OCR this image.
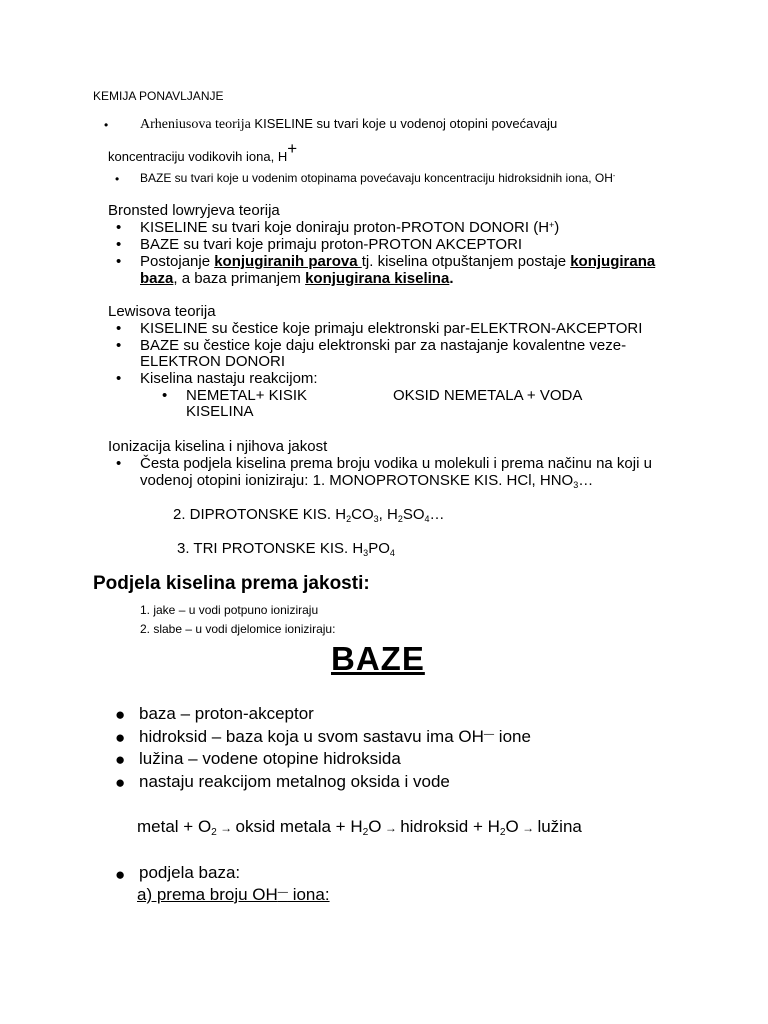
KEMIJA PONAVLJANJE
• Arheniusova teorija KISELINE su tvari koje u vodenoj otopini povećavaju
koncentraciju vodikovih iona, H+
• BAZE su tvari koje u vodenim otopinama povećavaju koncentraciju hidroksidnih iona, OH-
Bronsted lowryjeva teorija
• KISELINE su tvari koje doniraju proton-PROTON DONORI (H+)
• BAZE su tvari koje primaju proton-PROTON AKCEPTORI
• Postojanje konjugiranih parova tj. kiselina otpuštanjem postaje konjugirana
baza, a baza primanjem konjugirana kiselina.
Lewisova teorija
• KISELINE su čestice koje primaju elektronski par-ELEKTRON-AKCEPTORI
• BAZE su čestice koje daju elektronski par za nastajanje kovalentne veze-
ELEKTRON DONORI
• Kiselina nastaju reakcijom:
• NEMETAL+ KISIK	OKSID NEMETALA + VODA
KISELINA
Ionizacija kiselina i njihova jakost
• Česta podjela kiselina prema broju vodika u molekuli i prema načinu na koji u
vodenoj otopini ioniziraju: 1. MONOPROTONSKE KIS. HCl, $HNO_3\dots$
2. DIPROTONSKE KIS. $H_2CO_3$, $H_2SO_4\dots$
3. TRI PROTONSKE KIS. $H_3PO_4$
Podjela kiselina prema jakosti:
1. jake – u vodi potpuno ioniziraju
2. slabe – u vodi djelomice ioniziraju:
BAZE
● baza – proton-akceptor
● hidroksid – baza koja u svom sastavu ima OH— ione
● lužina – vodene otopine hidroksida
● nastaju reakcijom metalnog oksida i vode
metal + $O_2$ → oksid metala + $H_2O$ → hidroksid + $H_2O$ → lužina
● podjela baza:
a) prema broju OH— iona:
